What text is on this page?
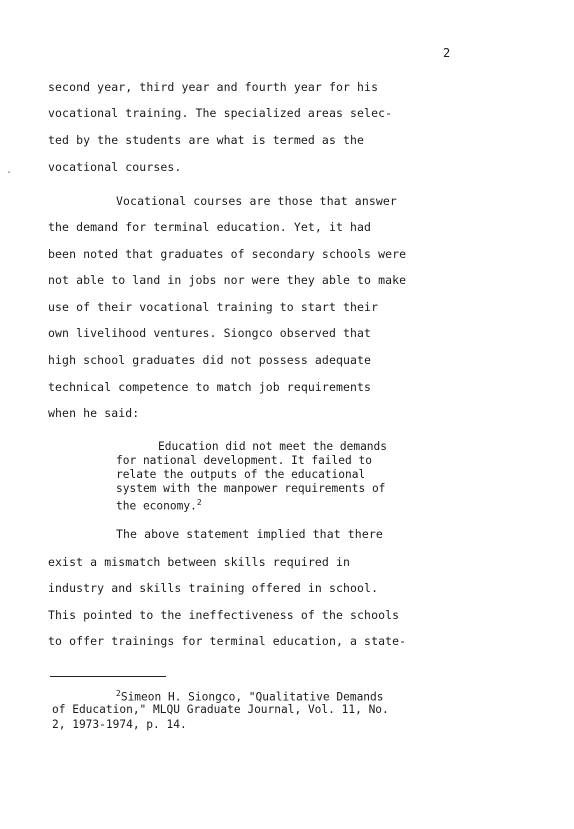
2
.
second year, third year and fourth year for his
vocational training. The specialized areas selec-
ted by the students are what is termed as the
vocational courses.
Vocational courses are those that answer
the demand for terminal education. Yet, it had
been noted that graduates of secondary schools were
not able to land in jobs nor were they able to make
use of their vocational training to start their
own livelihood ventures. Siongco observed that
high school graduates did not possess adequate
technical competence to match job requirements
when he said:
Education did not meet the demands
for national development. It failed to
relate the outputs of the educational
system with the manpower requirements of
the economy.$^2$
The above statement implied that there
exist a mismatch between skills required in
industry and skills training offered in school.
This pointed to the ineffectiveness of the schools
to offer trainings for terminal education, a state-
$^2$Simeon H. Siongco, "Qualitative Demands
of Education," MLQU Graduate Journal, Vol. 11, No.
2, 1973-1974, p. 14.
